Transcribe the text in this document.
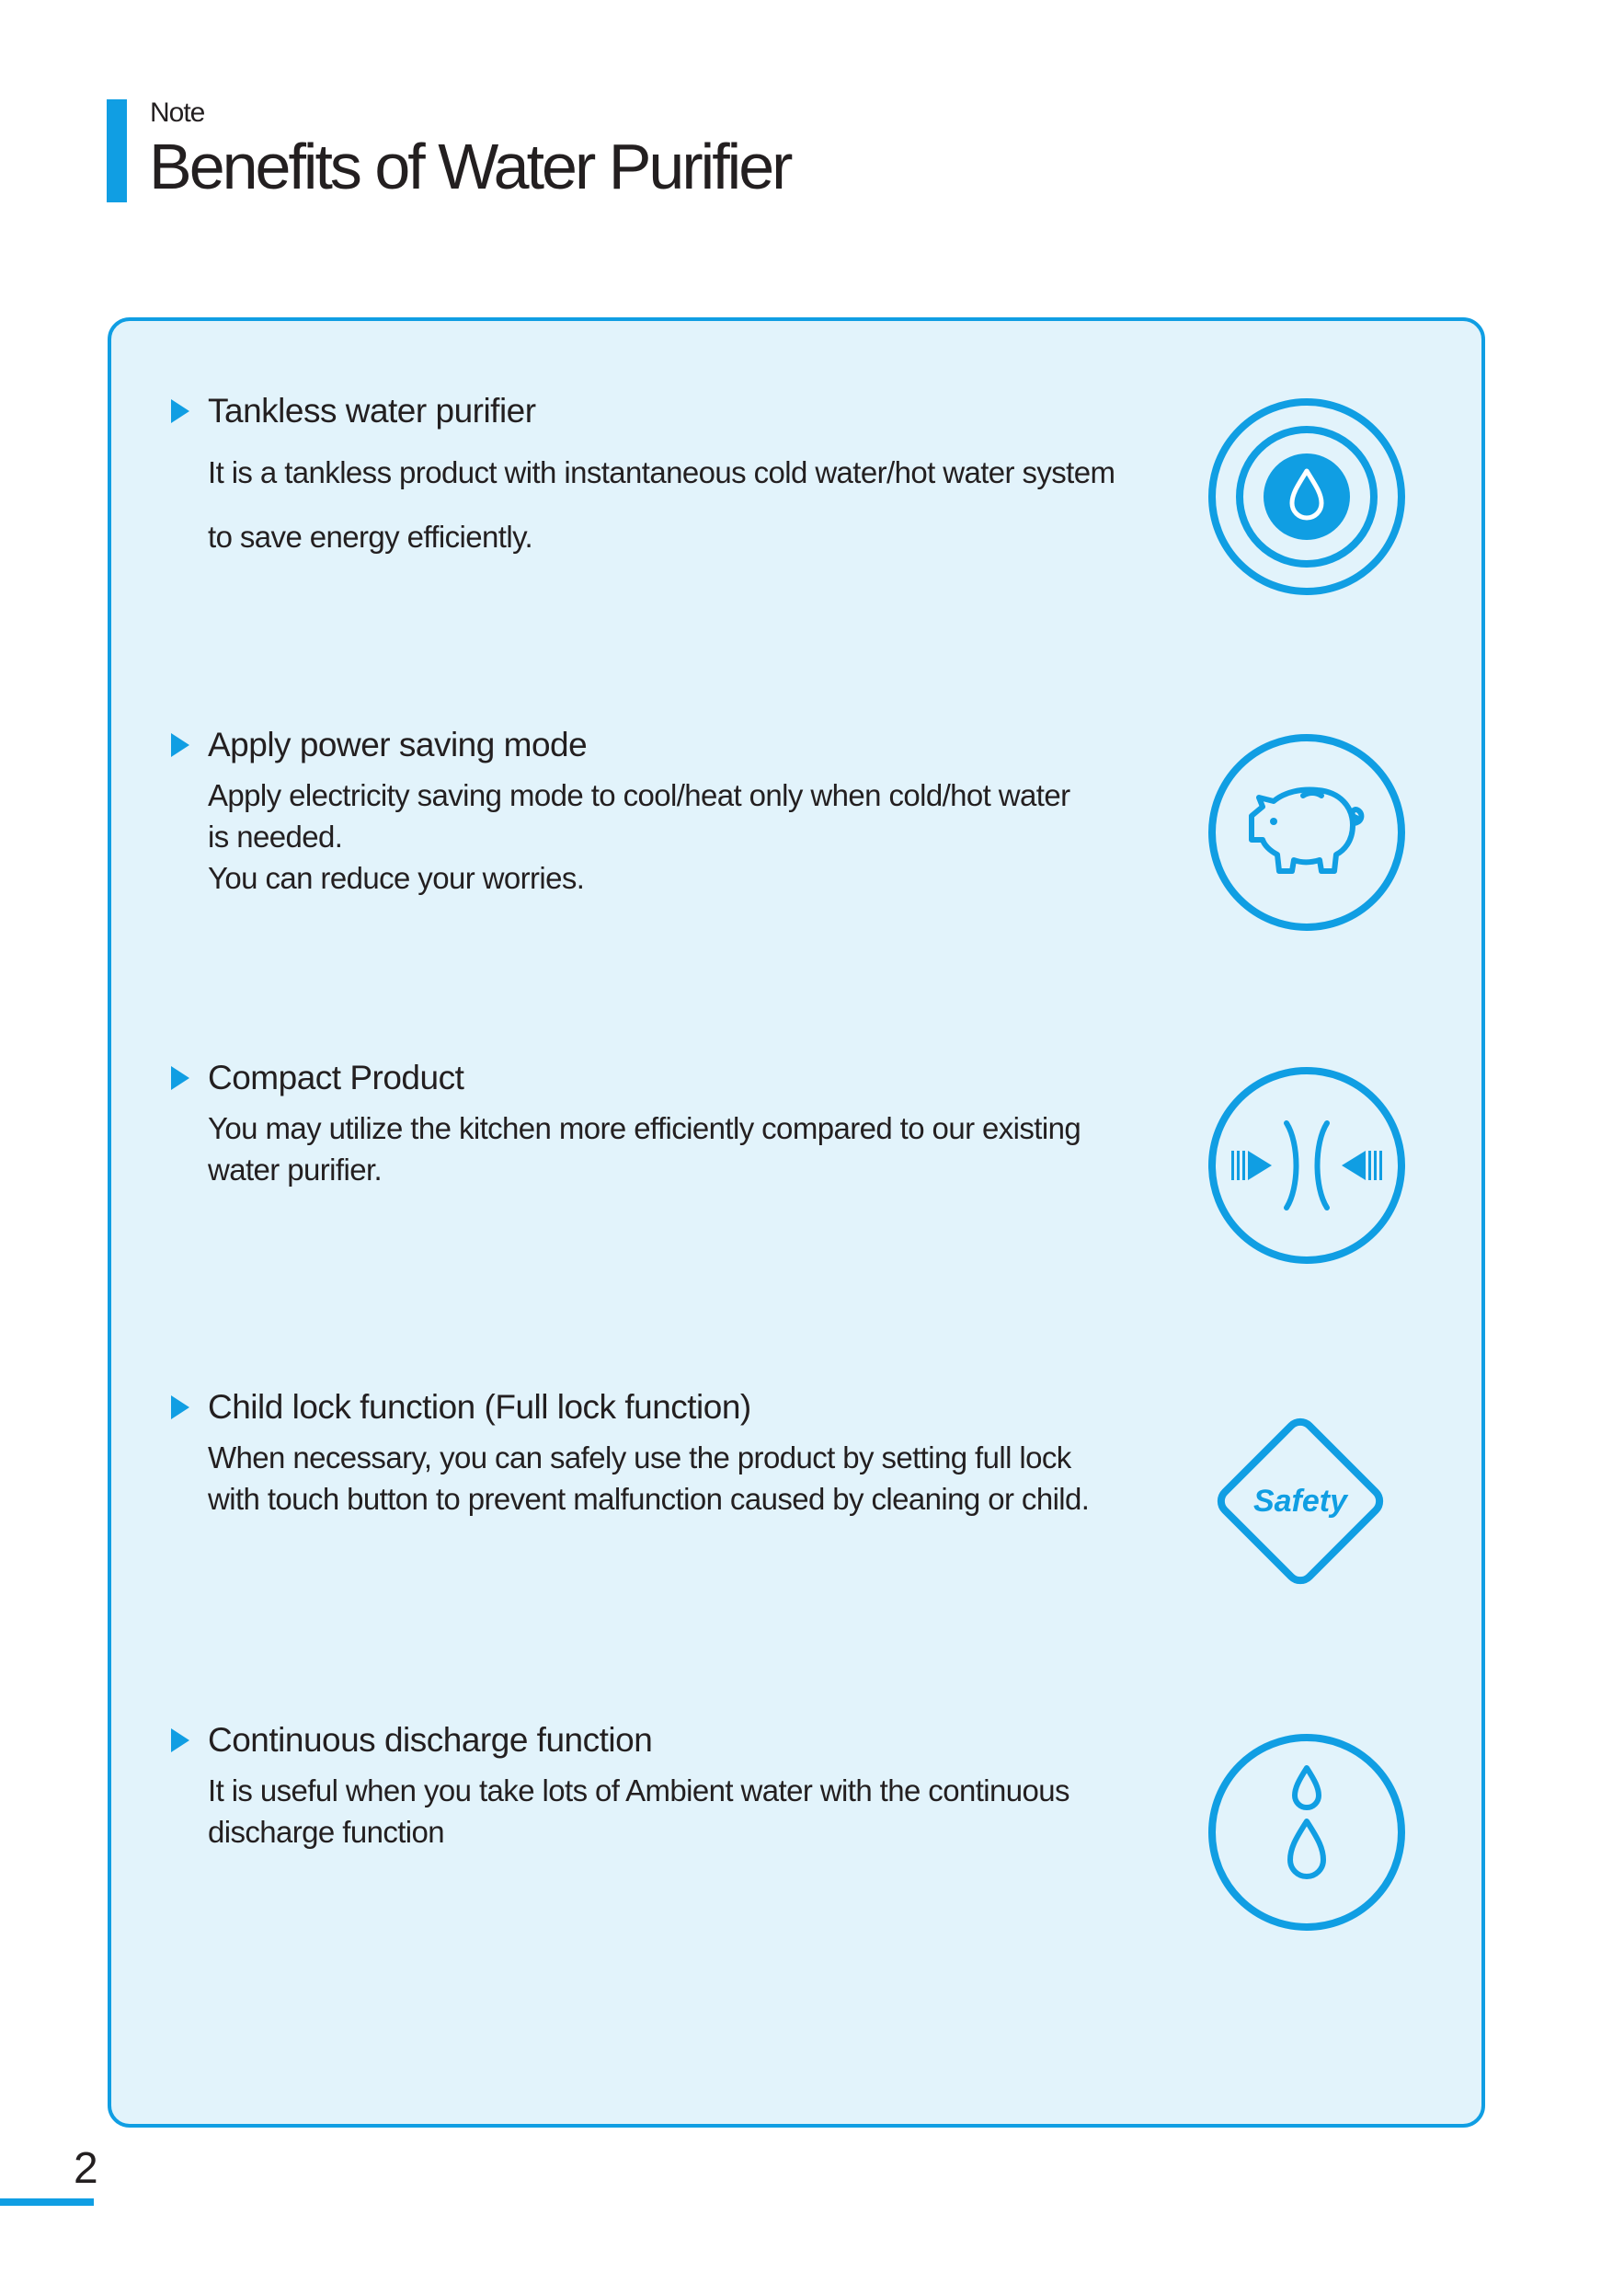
Note
Benefits of Water Purifier
Tankless water purifier
It is a tankless product with instantaneous cold water/hot water system
to save energy efficiently.
Apply power saving mode
Apply electricity saving mode to cool/heat only when cold/hot water
is needed.
You can reduce your worries.
Compact Product
You may utilize the kitchen more efficiently compared to our existing
water purifier.
Child lock function (Full lock function)
When necessary, you can safely use the product by setting full lock
with touch button to prevent malfunction caused by cleaning or child.	Safety
Continuous discharge function
It is useful when you take lots of Ambient water with the continuous
discharge function
2
